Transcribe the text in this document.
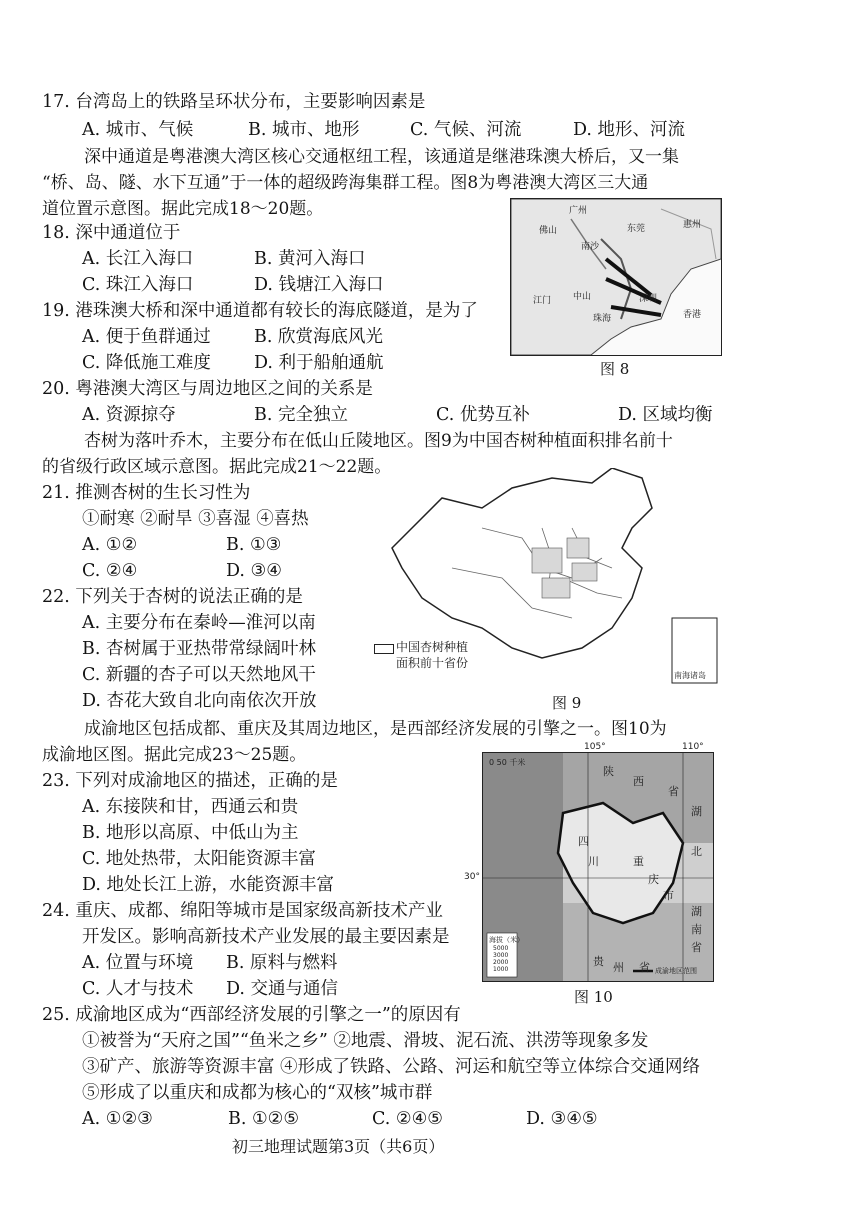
17. 台湾岛上的铁路呈环状分布，主要影响因素是
A. 城市、气候	B. 城市、地形	C. 气候、河流	D. 地形、河流
深中通道是粤港澳大湾区核心交通枢纽工程，该通道是继港珠澳大桥后，又一集
“桥、岛、隧、水下互通”于一体的超级跨海集群工程。图8为粤港澳大湾区三大通
道位置示意图。据此完成18～20题。
18. 深中通道位于
A. 长江入海口	B. 黄河入海口
C. 珠江入海口	D. 钱塘江入海口
19. 港珠澳大桥和深中通道都有较长的海底隧道，是为了
A. 便于鱼群通过 B. 欣赏海底风光
C. 降低施工难度 D. 利于船舶通航
广州
东莞
佛山
惠州
南沙
江门 中山	深圳
珠海	香港
图 8
20. 粤港澳大湾区与周边地区之间的关系是
A. 资源掠夺	B. 完全独立	C. 优势互补	D. 区域均衡
杏树为落叶乔木，主要分布在低山丘陵地区。图9为中国杏树种植面积排名前十
的省级行政区域示意图。据此完成21～22题。
21. 推测杏树的生长习性为
①耐寒 ②耐旱 ③喜湿 ④喜热
A. ①②	B. ①③
C. ②④	D. ③④
22. 下列关于杏树的说法正确的是
A. 主要分布在秦岭—淮河以南
B. 杏树属于亚热带常绿阔叶林
C. 新疆的杏子可以天然地风干
D. 杏花大致自北向南依次开放
中国杏树种植
面积前十省份
南海诸岛
图 9
成渝地区包括成都、重庆及其周边地区，是西部经济发展的引擎之一。图10为
成渝地区图。据此完成23～25题。
23. 下列对成渝地区的描述，正确的是
A. 东接陕和甘，西通云和贵
B. 地形以高原、中低山为主
C. 地处热带，太阳能资源丰富
D. 地处长江上游，水能资源丰富
24. 重庆、成都、绵阳等城市是国家级高新技术产业
开发区。影响高新技术产业发展的最主要因素是
A. 位置与环境 B. 原料与燃料
C. 人才与技术 D. 交通与通信
0 50 千米
海拔（米）
5000
3000
2000
1000	成渝地区范围
陕
西
省
四
川	重
庆
市
湖
北
湖
南
省
贵 州 省
105°	110°
30°
图 10
25. 成渝地区成为“西部经济发展的引擎之一”的原因有
①被誉为“天府之国”“鱼米之乡” ②地震、滑坡、泥石流、洪涝等现象多发
③矿产、旅游等资源丰富 ④形成了铁路、公路、河运和航空等立体综合交通网络
⑤形成了以重庆和成都为核心的“双核”城市群
A. ①②③	B. ①②⑤	C. ②④⑤	D. ③④⑤
初三地理试题第3页（共6页）
